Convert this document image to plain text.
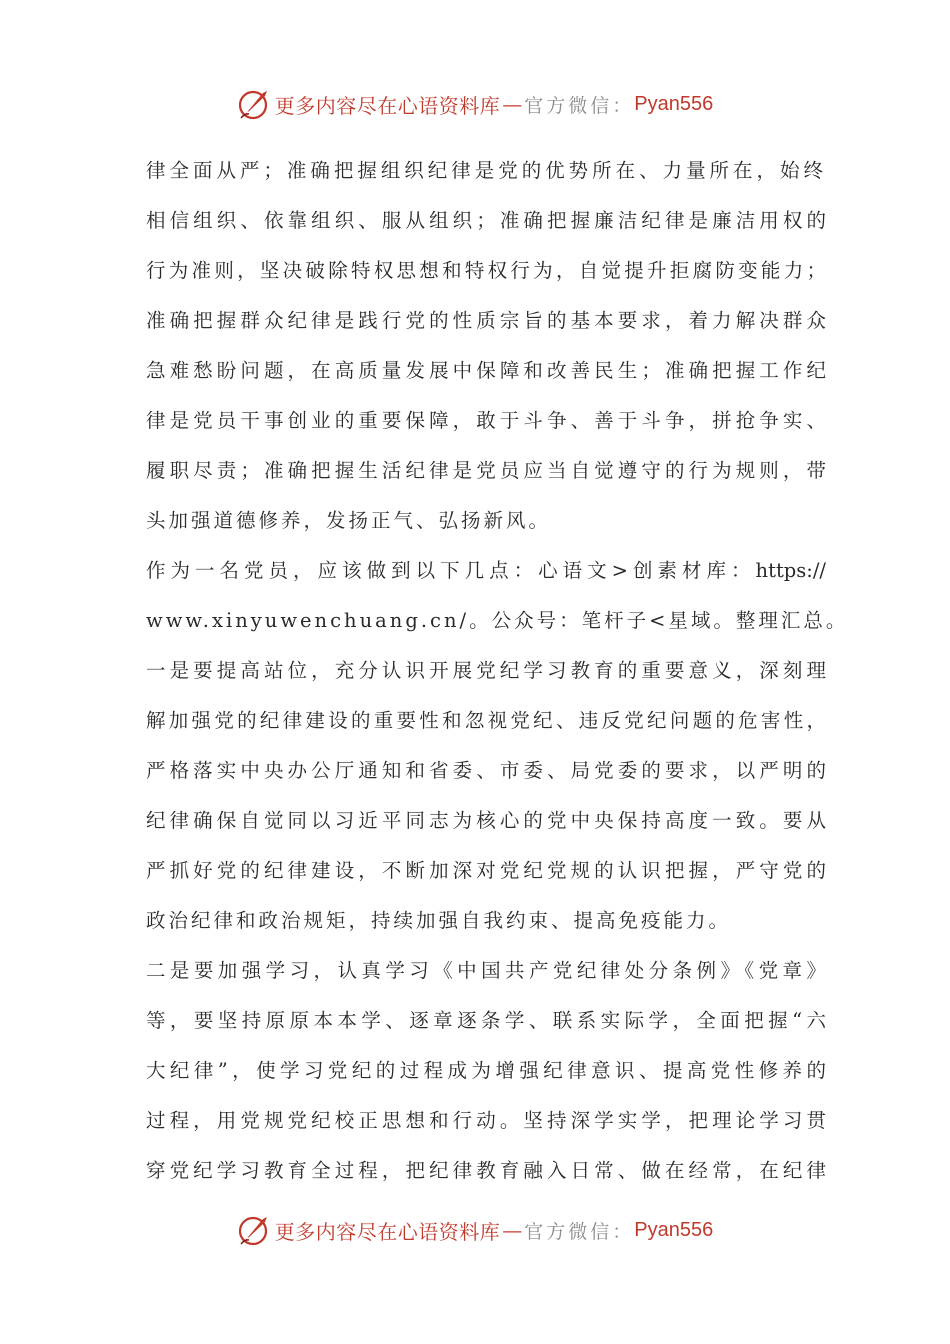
更多内容尽在心语资料库 — 官方微信： Pyan556
律全面从严；准确把握组织纪律是党的优势所在、力量所在，始终
相信组织、依靠组织、服从组织；准确把握廉洁纪律是廉洁用权的
行为准则，坚决破除特权思想和特权行为，自觉提升拒腐防变能力；
准确把握群众纪律是践行党的性质宗旨的基本要求，着力解决群众
急难愁盼问题，在高质量发展中保障和改善民生；准确把握工作纪
律是党员干事创业的重要保障，敢于斗争、善于斗争，拼抢争实、
履职尽责；准确把握生活纪律是党员应当自觉遵守的行为规则，带
头加强道德修养，发扬正气、弘扬新风。
作为一名党员，应该做到以下几点：心语文>创素材库：https://
www.xinyuwenchuang.cn/。公众号：笔杆子<星域。整理汇总。
一是要提高站位，充分认识开展党纪学习教育的重要意义，深刻理
解加强党的纪律建设的重要性和忽视党纪、违反党纪问题的危害性，
严格落实中央办公厅通知和省委、市委、局党委的要求，以严明的
纪律确保自觉同以习近平同志为核心的党中央保持高度一致。要从
严抓好党的纪律建设，不断加深对党纪党规的认识把握，严守党的
政治纪律和政治规矩，持续加强自我约束、提高免疫能力。
二是要加强学习，认真学习《中国共产党纪律处分条例》《党章》
等，要坚持原原本本学、逐章逐条学、联系实际学，全面把握“六
大纪律”，使学习党纪的过程成为增强纪律意识、提高党性修养的
过程，用党规党纪校正思想和行动。坚持深学实学，把理论学习贯
穿党纪学习教育全过程，把纪律教育融入日常、做在经常，在纪律
更多内容尽在心语资料库 — 官方微信： Pyan556
